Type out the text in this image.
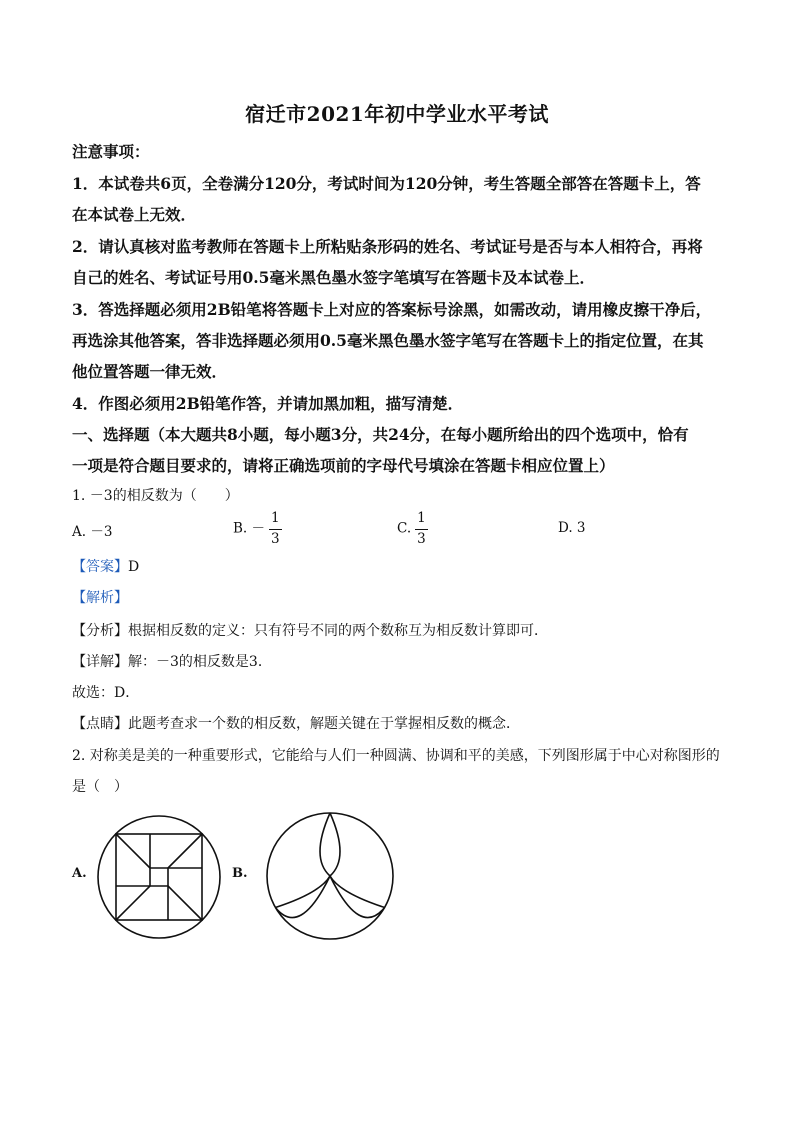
宿迁市2021年初中学业水平考试
注意事项：
1．本试卷共6页，全卷满分120分，考试时间为120分钟，考生答题全部答在答题卡上，答
在本试卷上无效．
2．请认真核对监考教师在答题卡上所粘贴条形码的姓名、考试证号是否与本人相符合，再将
自己的姓名、考试证号用0.5毫米黑色墨水签字笔填写在答题卡及本试卷上．
3．答选择题必须用2B铅笔将答题卡上对应的答案标号涂黑，如需改动，请用橡皮擦干净后，
再选涂其他答案，答非选择题必须用0.5毫米黑色墨水签字笔写在答题卡上的指定位置，在其
他位置答题一律无效．
4．作图必须用2B铅笔作答，并请加黑加粗，描写清楚．
一、选择题（本大题共8小题，每小题3分，共24分，在每小题所给出的四个选项中，恰有
一项是符合题目要求的，请将正确选项前的字母代号填涂在答题卡相应位置上）
1. －3的相反数为（　　）
A. －3	B. － $\frac{1}{3}$	C. $\frac{1}{3}$	D. 3
【答案】D
【解析】
【分析】根据相反数的定义：只有符号不同的两个数称互为相反数计算即可．
【详解】解：－3的相反数是3．
故选：D．
【点睛】此题考查求一个数的相反数，解题关键在于掌握相反数的概念．
2. 对称美是美的一种重要形式，它能给与人们一种圆满、协调和平的美感，下列图形属于中心对称图形的
是（　）
A.	B.
